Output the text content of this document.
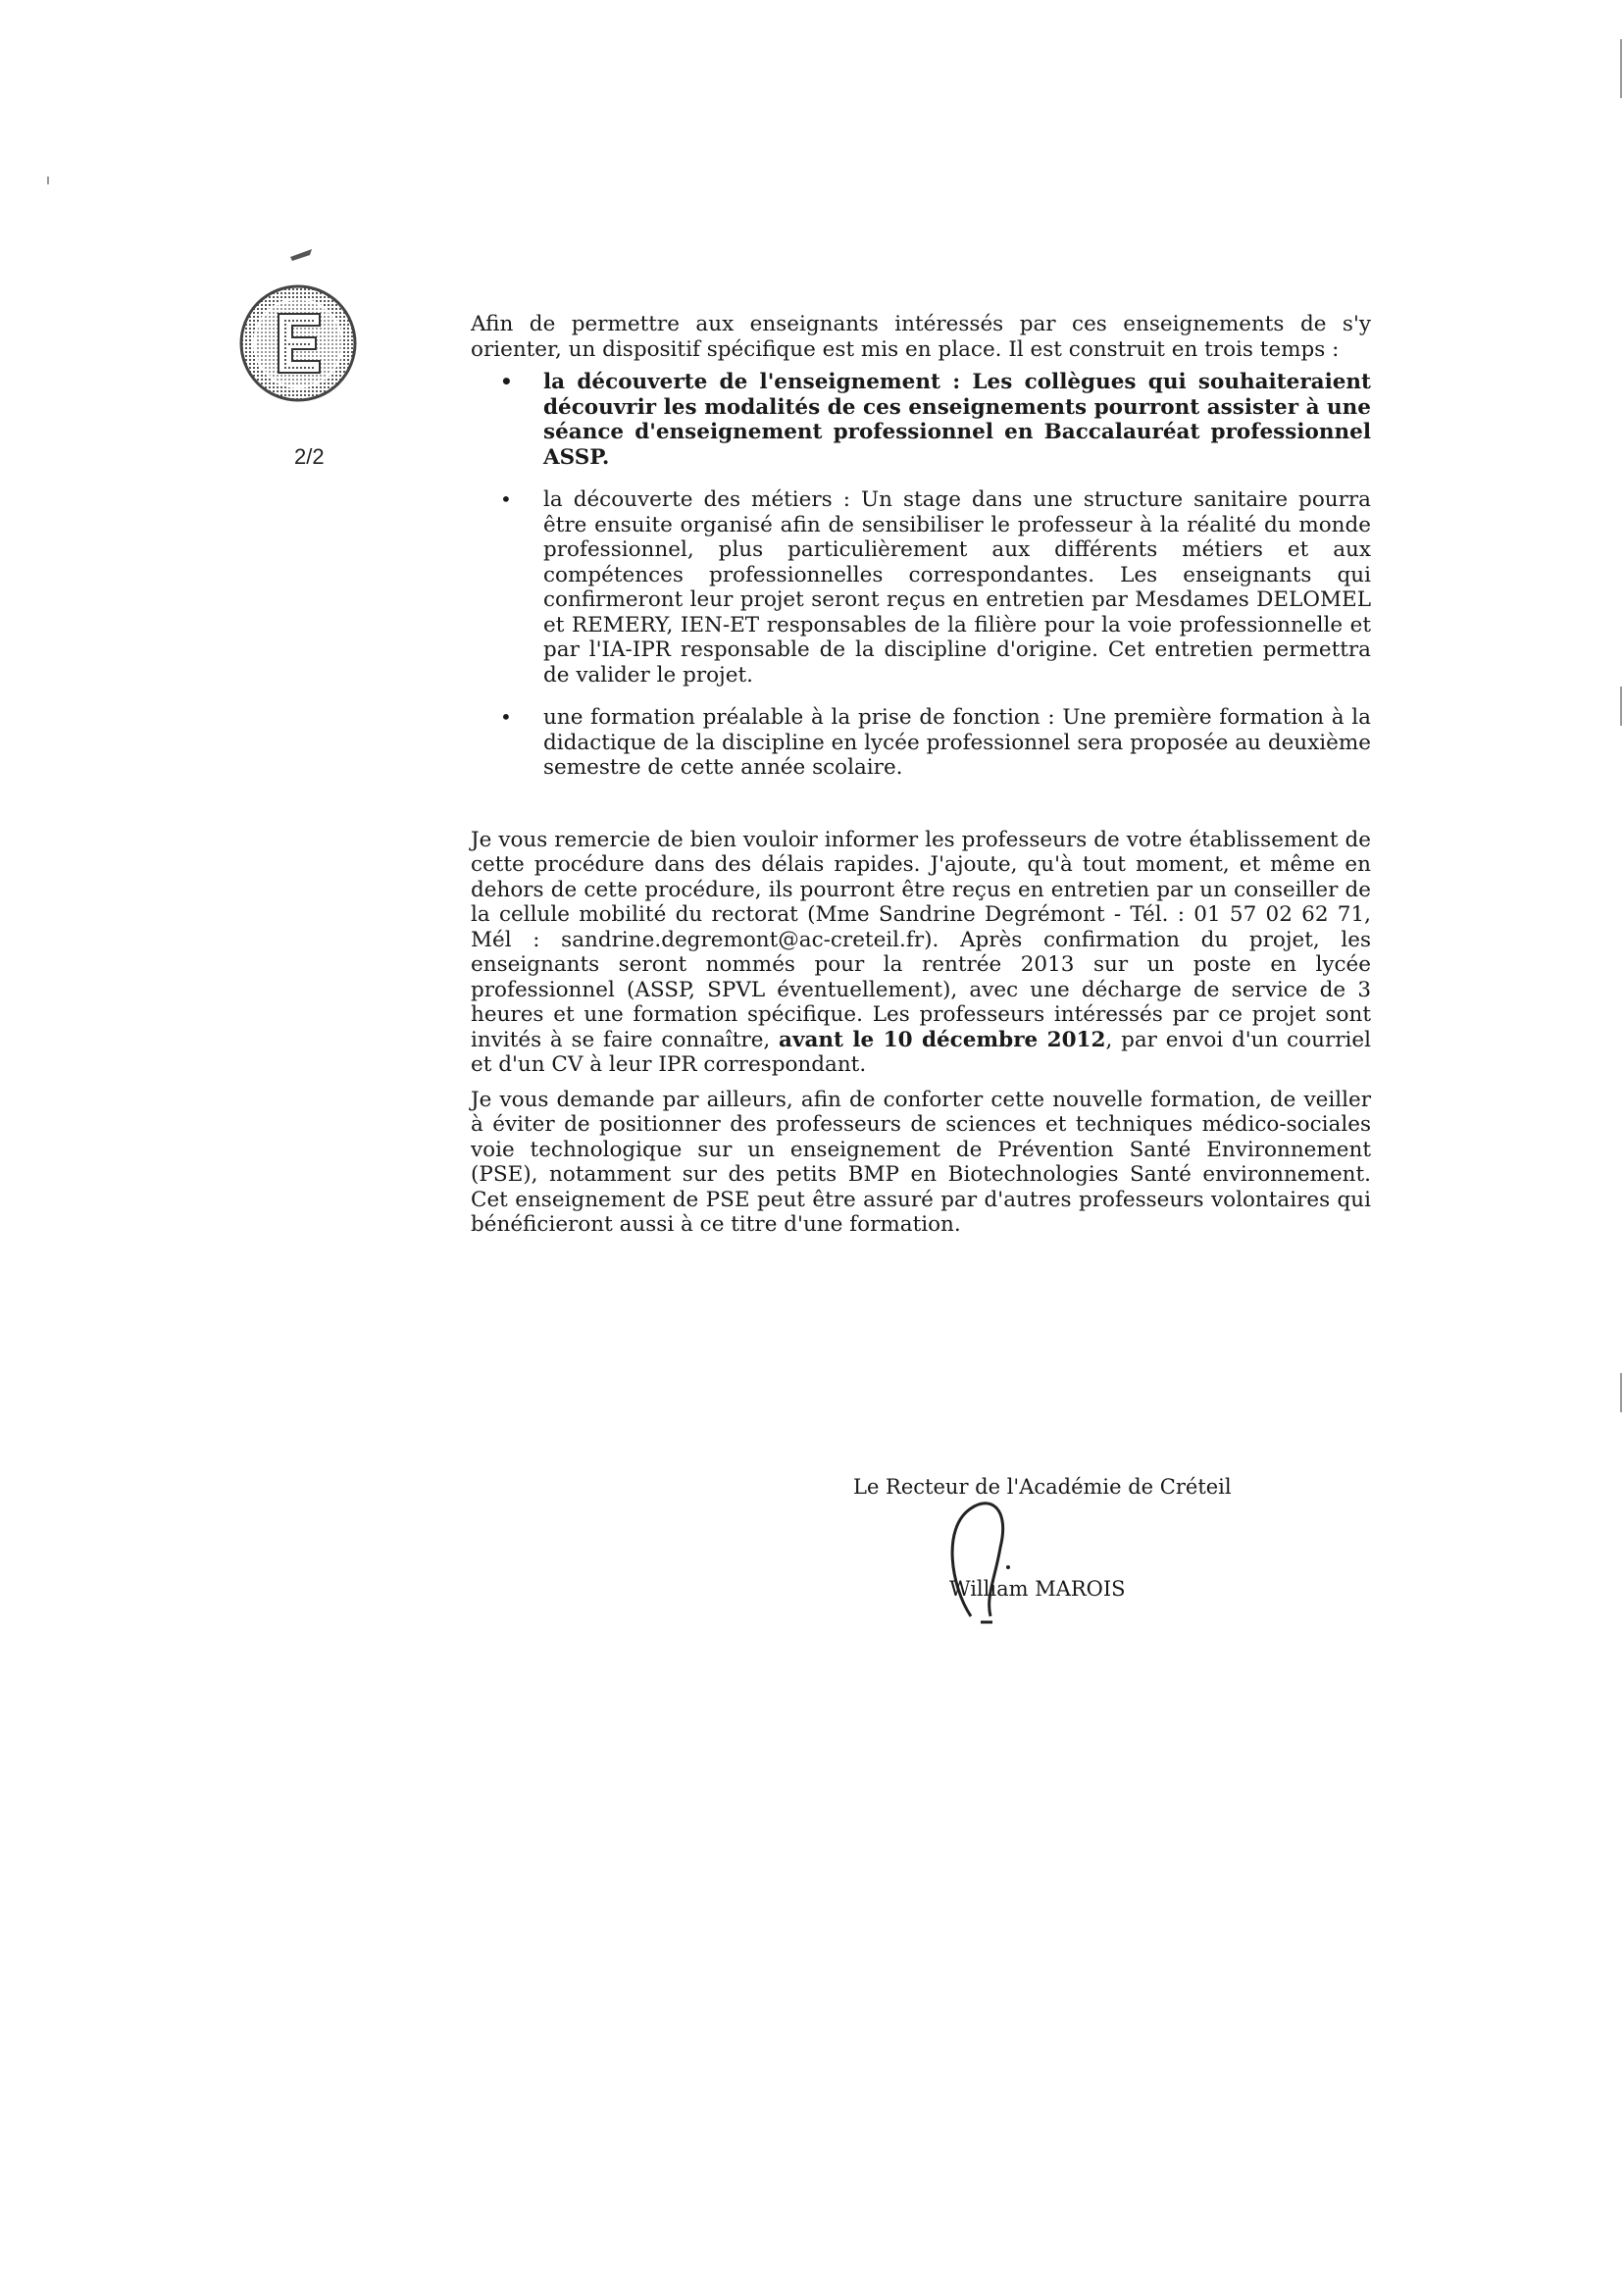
2/2

Afin de permettre aux enseignants intéressés par ces enseignements de s'y orienter, un dispositif spécifique est mis en place. Il est construit en trois temps :

• la découverte de l'enseignement : Les collègues qui souhaiteraient découvrir les modalités de ces enseignements pourront assister à une séance d'enseignement professionnel en Baccalauréat professionnel ASSP.
• la découverte des métiers : Un stage dans une structure sanitaire pourra être ensuite organisé afin de sensibiliser le professeur à la réalité du monde professionnel, plus particulièrement aux différents métiers et aux compétences professionnelles correspondantes. Les enseignants qui confirmeront leur projet seront reçus en entretien par Mesdames DELOMEL et REMERY, IEN-ET responsables de la filière pour la voie professionnelle et par l'IA-IPR responsable de la discipline d'origine. Cet entretien permettra de valider le projet.
• une formation préalable à la prise de fonction : Une première formation à la didactique de la discipline en lycée professionnel sera proposée au deuxième semestre de cette année scolaire.

Je vous remercie de bien vouloir informer les professeurs de votre établissement de cette procédure dans des délais rapides. J'ajoute, qu'à tout moment, et même en dehors de cette procédure, ils pourront être reçus en entretien par un conseiller de la cellule mobilité du rectorat (Mme Sandrine Degrémont - Tél. : 01 57 02 62 71, Mél : sandrine.degremont@ac-creteil.fr). Après confirmation du projet, les enseignants seront nommés pour la rentrée 2013 sur un poste en lycée professionnel (ASSP, SPVL éventuellement), avec une décharge de service de 3 heures et une formation spécifique. Les professeurs intéressés par ce projet sont invités à se faire connaître, avant le 10 décembre 2012, par envoi d'un courriel et d'un CV à leur IPR correspondant.

Je vous demande par ailleurs, afin de conforter cette nouvelle formation, de veiller à éviter de positionner des professeurs de sciences et techniques médico-sociales voie technologique sur un enseignement de Prévention Santé Environnement (PSE), notamment sur des petits BMP en Biotechnologies Santé environnement. Cet enseignement de PSE peut être assuré par d'autres professeurs volontaires qui bénéficieront aussi à ce titre d'une formation.

Le Recteur de l'Académie de Créteil
William MAROIS
